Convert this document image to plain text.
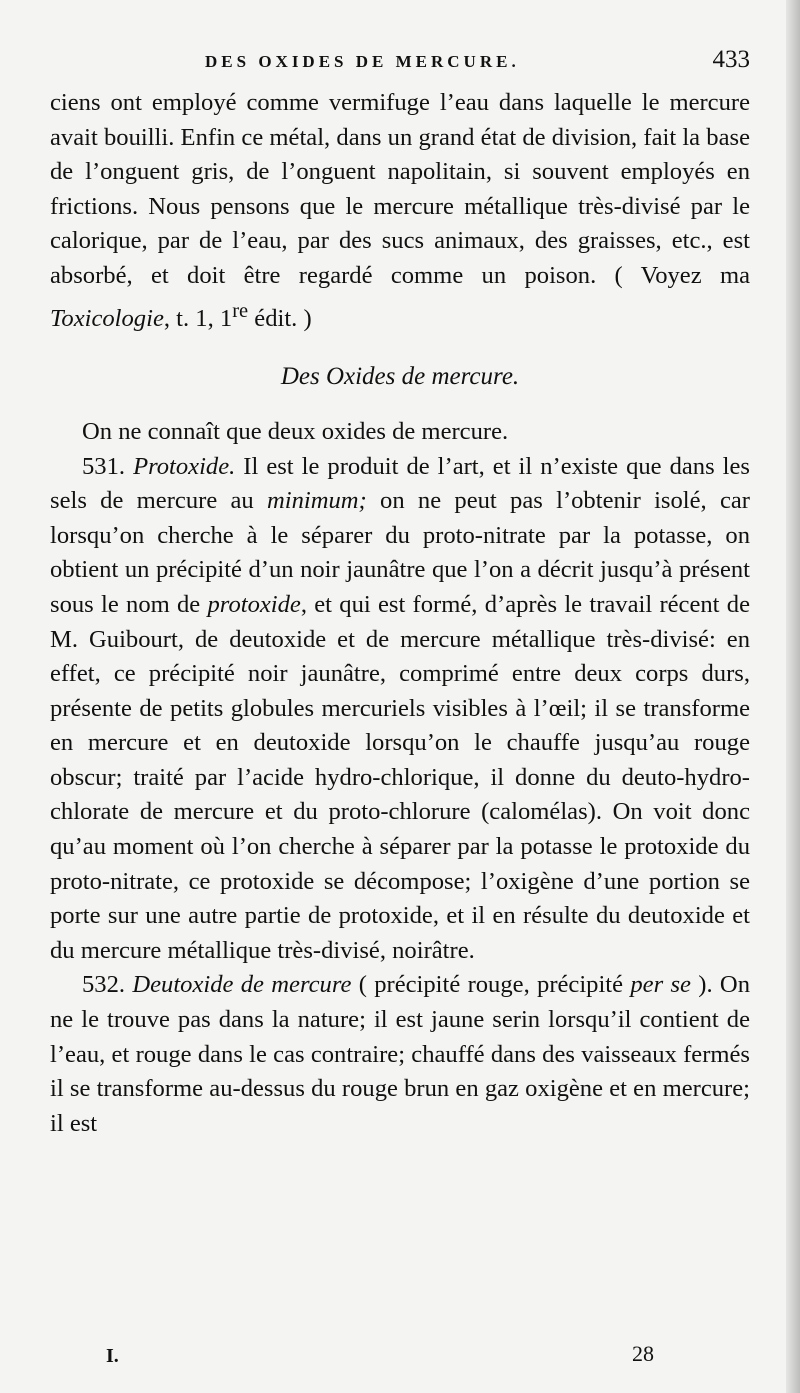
DES OXIDES DE MERCURE.	433

ciens ont employé comme vermifuge l’eau dans laquelle le mercure avait bouilli. Enfin ce métal, dans un grand état de division, fait la base de l’onguent gris, de l’onguent napolitain, si souvent employés en frictions. Nous pensons que le mercure métallique très-divisé par le calorique, par de l’eau, par des sucs animaux, des graisses, etc., est absorbé, et doit être regardé comme un poison. ( Voyez ma Toxicologie, t. 1, 1re édit. )

Des Oxides de mercure.

On ne connaît que deux oxides de mercure.

531. Protoxide. Il est le produit de l’art, et il n’existe que dans les sels de mercure au minimum; on ne peut pas l’obtenir isolé, car lorsqu’on cherche à le séparer du proto-nitrate par la potasse, on obtient un précipité d’un noir jaunâtre que l’on a décrit jusqu’à présent sous le nom de protoxide, et qui est formé, d’après le travail récent de M. Guibourt, de deutoxide et de mercure métallique très-divisé: en effet, ce précipité noir jaunâtre, comprimé entre deux corps durs, présente de petits globules mercuriels visibles à l’œil; il se transforme en mercure et en deutoxide lorsqu’on le chauffe jusqu’au rouge obscur; traité par l’acide hydro-chlorique, il donne du deuto-hydro-chlorate de mercure et du proto-chlorure (calomélas). On voit donc qu’au moment où l’on cherche à séparer par la potasse le protoxide du proto-nitrate, ce protoxide se décompose; l’oxigène d’une portion se porte sur une autre partie de protoxide, et il en résulte du deutoxide et du mercure métallique très-divisé, noirâtre.

532. Deutoxide de mercure ( précipité rouge, précipité per se ). On ne le trouve pas dans la nature; il est jaune serin lorsqu’il contient de l’eau, et rouge dans le cas contraire; chauffé dans des vaisseaux fermés il se transforme au-dessus du rouge brun en gaz oxigène et en mercure; il est

I.	28
